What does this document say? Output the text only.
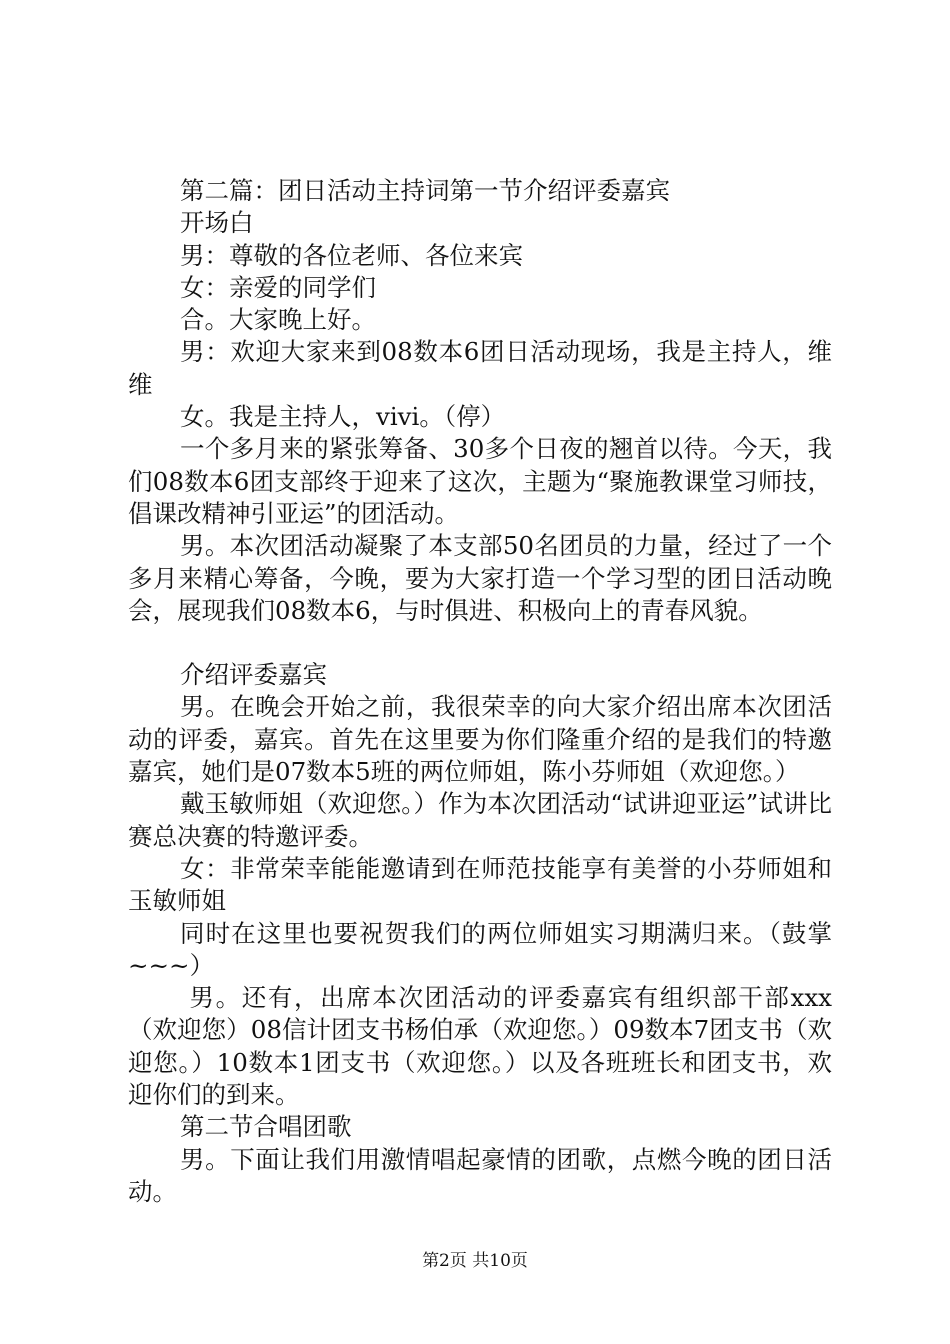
第二篇：团日活动主持词第一节介绍评委嘉宾

开场白

男：尊敬的各位老师、各位来宾

女：亲爱的同学们

合。大家晚上好。

男：欢迎大家来到08数本6团日活动现场，我是主持人，维维

女。我是主持人，vivi。（停）

一个多月来的紧张筹备、30多个日夜的翘首以待。今天，我们08数本6团支部终于迎来了这次，主题为“聚施教课堂习师技，倡课改精神引亚运”的团活动。

男。本次团活动凝聚了本支部50名团员的力量，经过了一个多月来精心筹备，今晚，要为大家打造一个学习型的团日活动晚会，展现我们08数本6，与时俱进、积极向上的青春风貌。

介绍评委嘉宾

男。在晚会开始之前，我很荣幸的向大家介绍出席本次团活动的评委，嘉宾。首先在这里要为你们隆重介绍的是我们的特邀嘉宾，她们是07数本5班的两位师姐，陈小芬师姐（欢迎您。）

戴玉敏师姐（欢迎您。）作为本次团活动“试讲迎亚运”试讲比赛总决赛的特邀评委。

女：非常荣幸能能邀请到在师范技能享有美誉的小芬师姐和玉敏师姐

同时在这里也要祝贺我们的两位师姐实习期满归来。（鼓掌~~~）

男。还有，出席本次团活动的评委嘉宾有组织部干部xxx（欢迎您）08信计团支书杨伯承（欢迎您。）09数本7团支书（欢迎您。）10数本1团支书（欢迎您。）以及各班班长和团支书，欢迎你们的到来。

第二节合唱团歌

男。下面让我们用激情唱起豪情的团歌，点燃今晚的团日活动。

第2页 共10页
